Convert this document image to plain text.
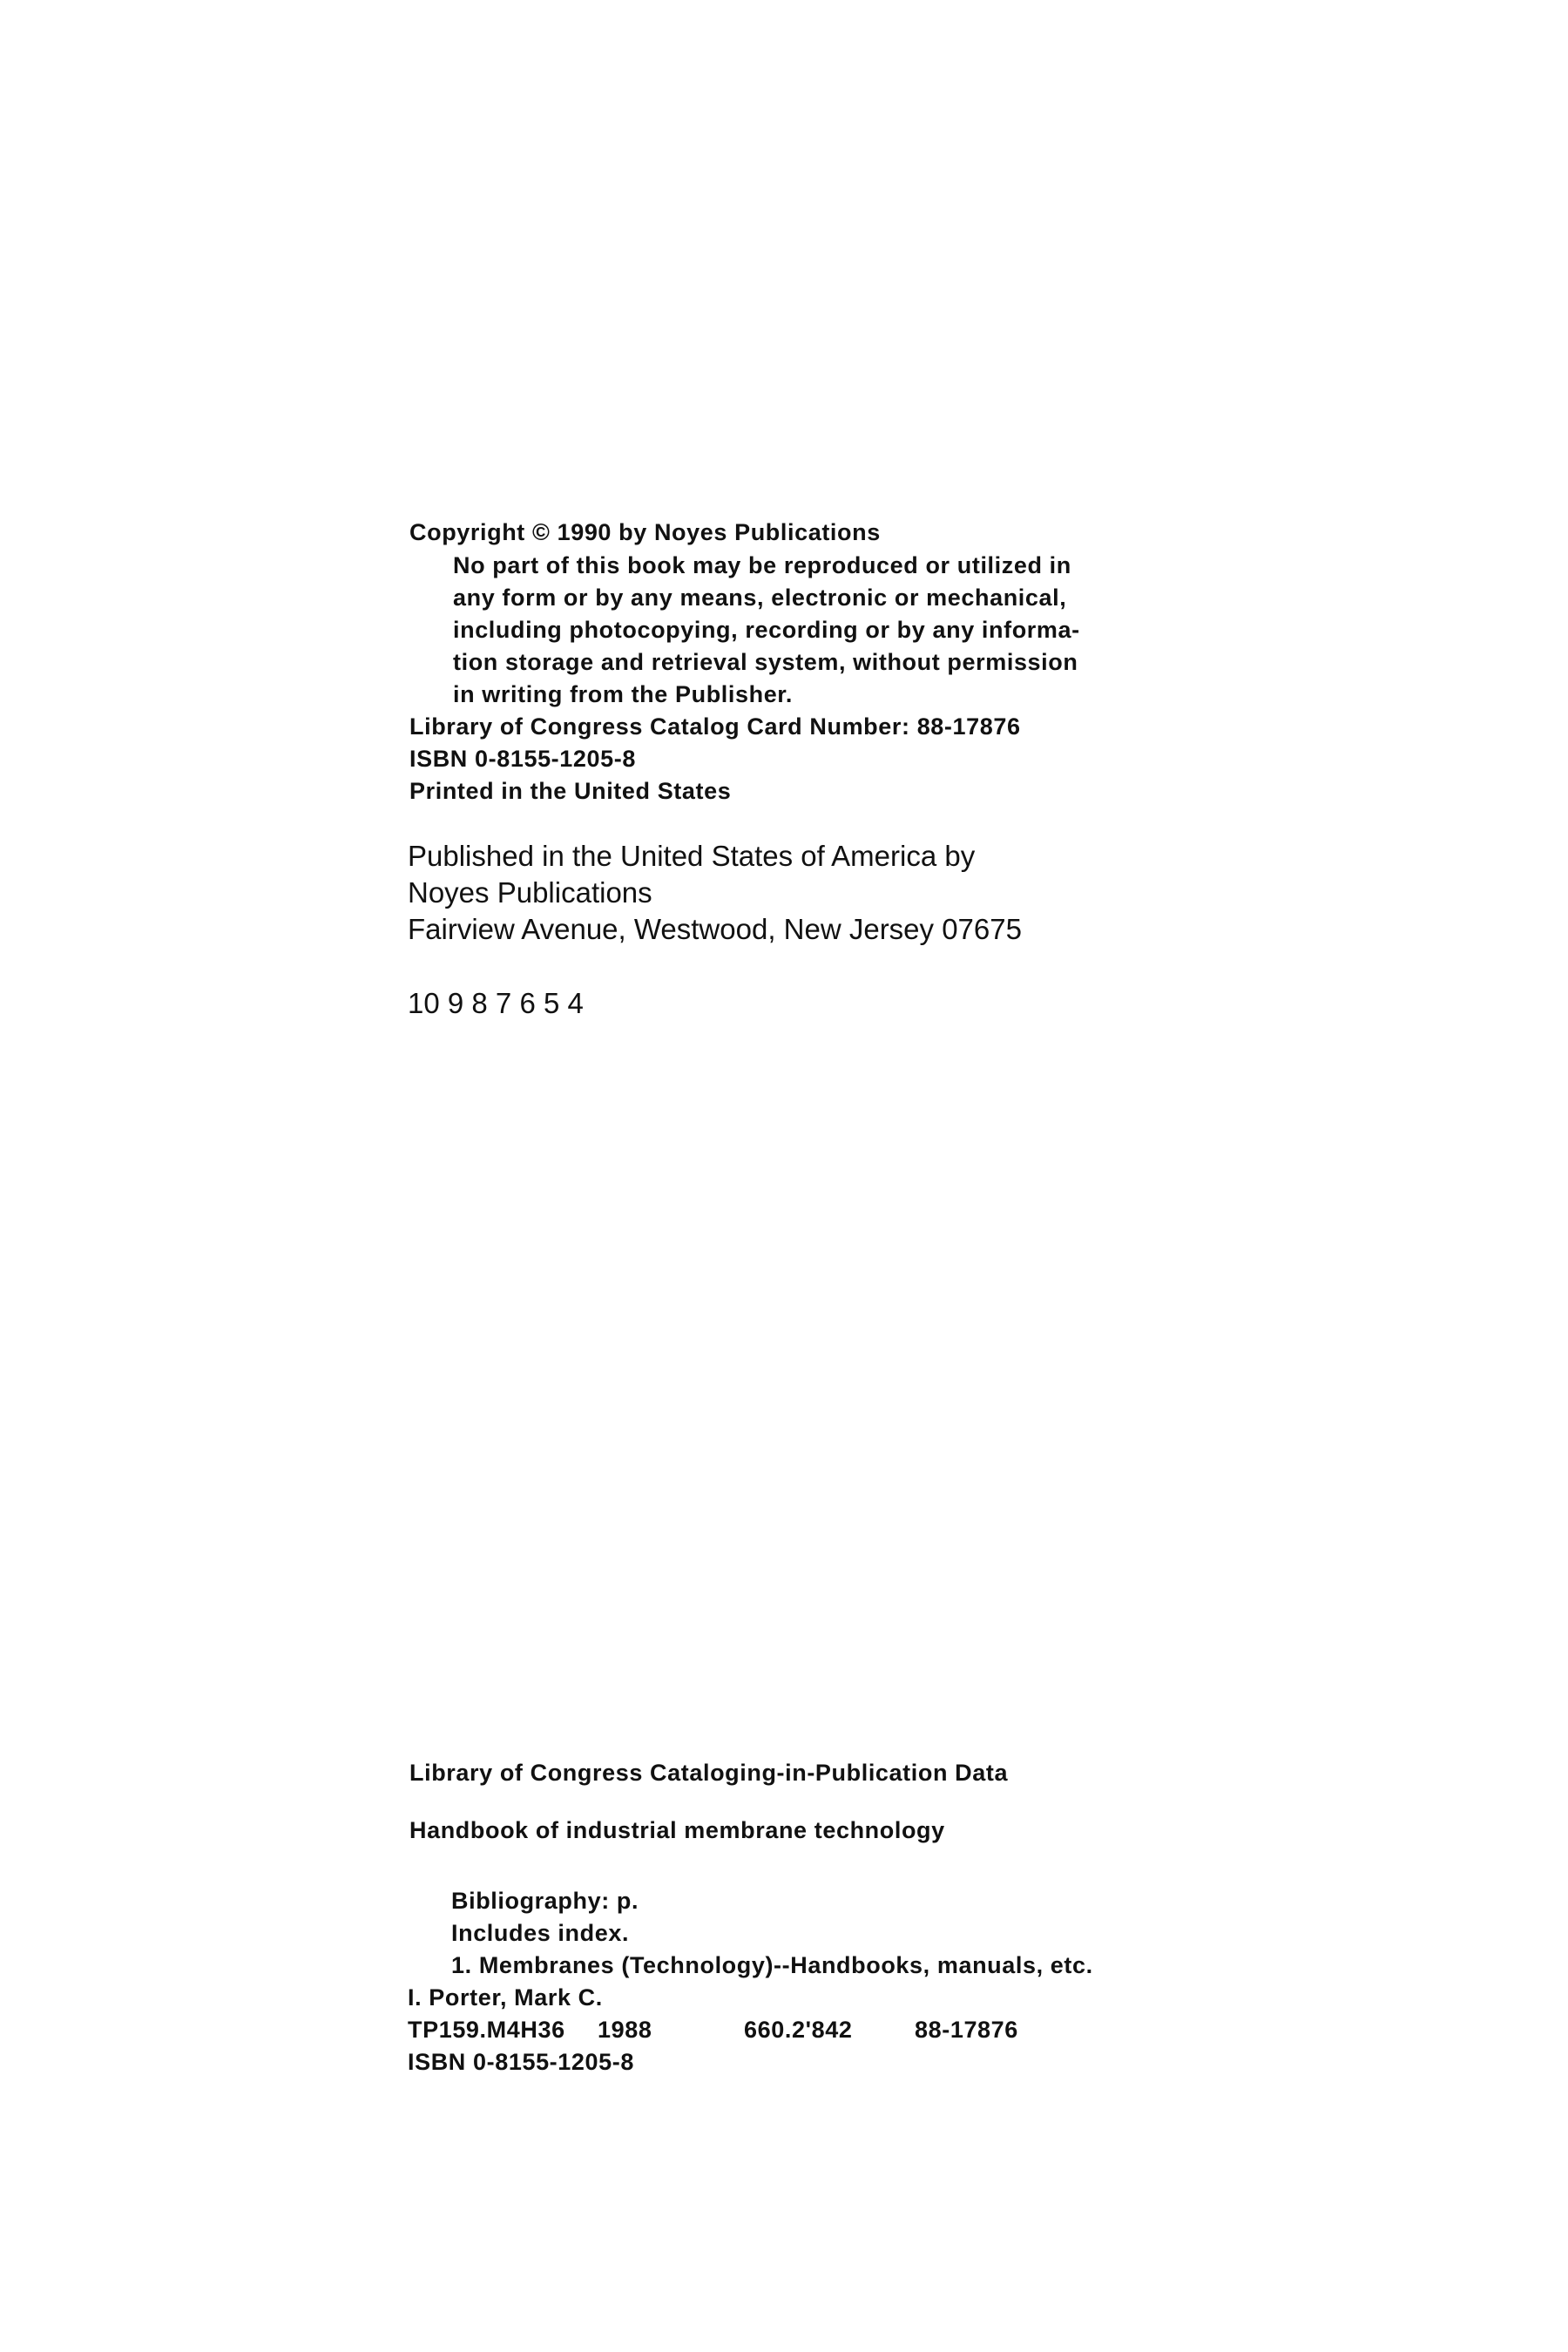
Copyright © 1990 by Noyes Publications
No part of this book may be reproduced or utilized in
any form or by any means, electronic or mechanical,
including photocopying, recording or by any informa-
tion storage and retrieval system, without permission
in writing from the Publisher.
Library of Congress Catalog Card Number: 88-17876
ISBN 0-8155-1205-8
Printed in the United States
Published in the United States of America by
Noyes Publications
Fairview Avenue, Westwood, New Jersey 07675
10 9 8 7 6 5 4
Library of Congress Cataloging-in-Publication Data
Handbook of industrial membrane technology
Bibliography: p.
Includes index.
1. Membranes (Technology)--Handbooks, manuals, etc.
I. Porter, Mark C.
TP159.M4H36	1988	660.2'842	88-17876
ISBN 0-8155-1205-8
